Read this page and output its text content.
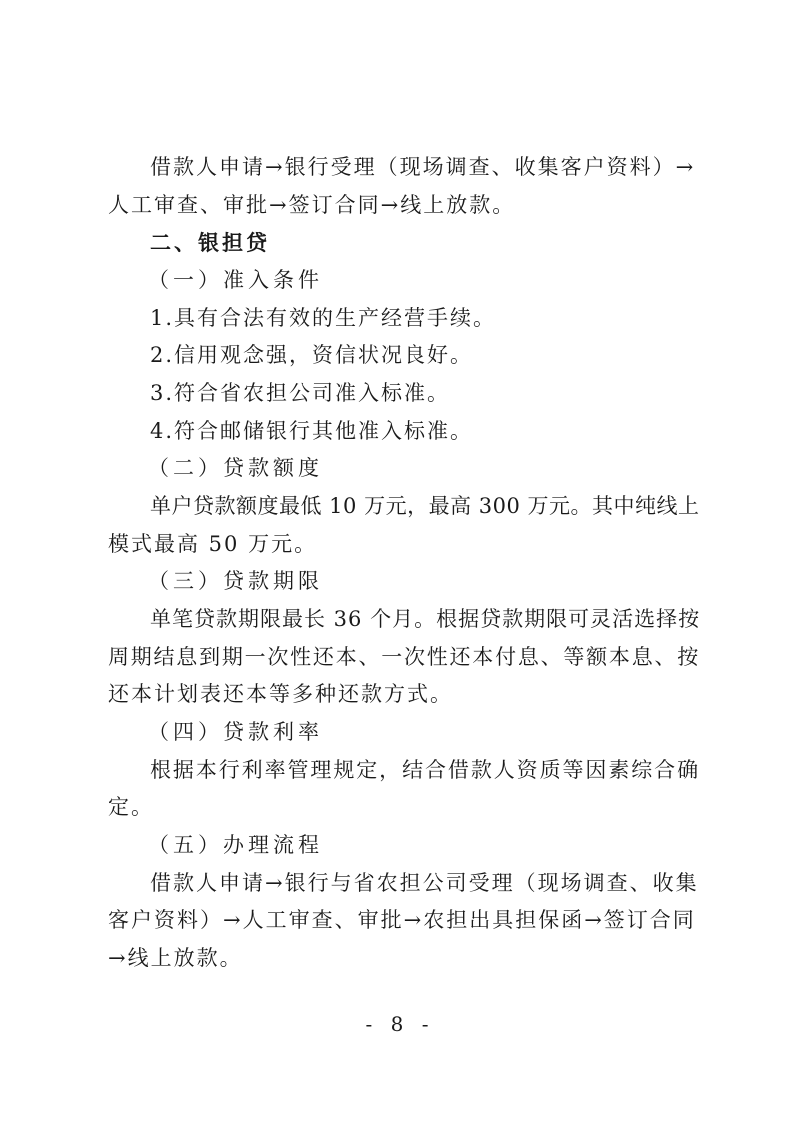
借款人申请→银行受理（现场调查、收集客户资料）→
人工审查、审批→签订合同→线上放款。
二、银担贷
（一）准入条件
1.具有合法有效的生产经营手续。
2.信用观念强，资信状况良好。
3.符合省农担公司准入标准。
4.符合邮储银行其他准入标准。
（二）贷款额度
单户贷款额度最低 10 万元，最高 300 万元。其中纯线上
模式最高 50 万元。
（三）贷款期限
单笔贷款期限最长 36 个月。根据贷款期限可灵活选择按
周期结息到期一次性还本、一次性还本付息、等额本息、按
还本计划表还本等多种还款方式。
（四）贷款利率
根据本行利率管理规定，结合借款人资质等因素综合确
定。
（五）办理流程
借款人申请→银行与省农担公司受理（现场调查、收集
客户资料）→人工审查、审批→农担出具担保函→签订合同
→线上放款。
- 8 -
